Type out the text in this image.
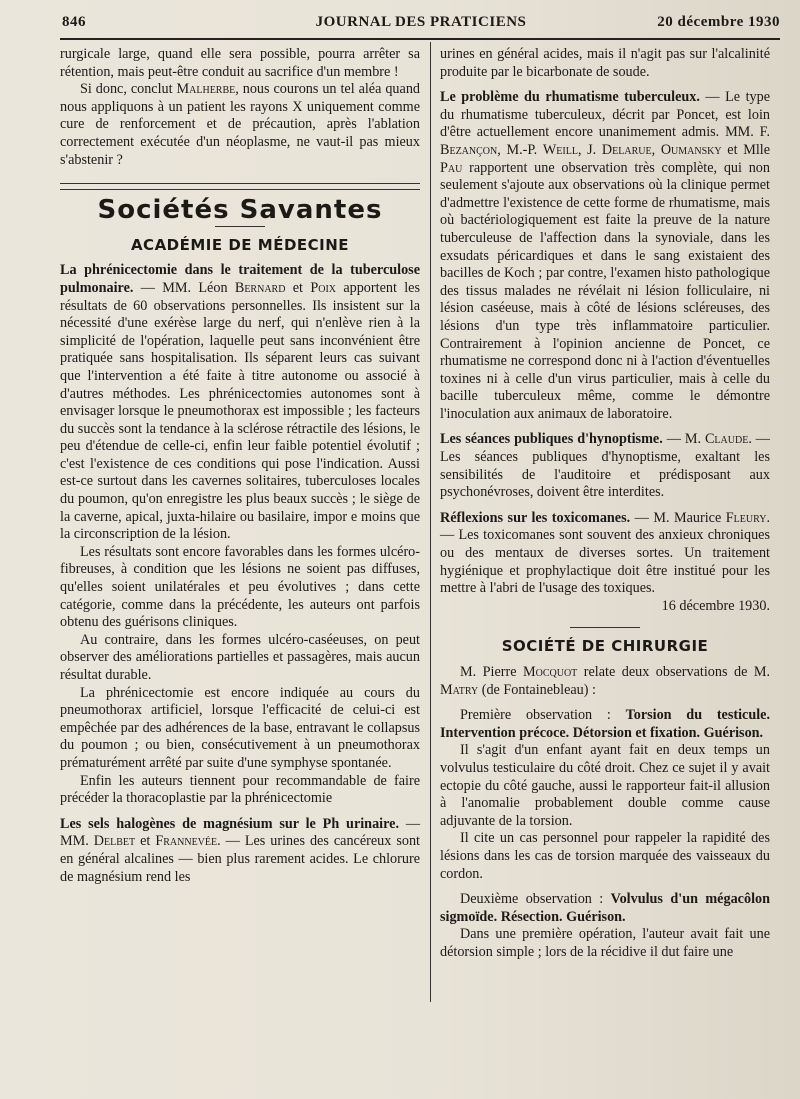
846	JOURNAL DES PRATICIENS	20 décembre 1930

rurgicale large, quand elle sera possible, pourra arrêter sa rétention, mais peut-être conduit au sacrifice d'un membre !

Si donc, conclut Malherbe, nous courons un tel aléa quand nous appliquons à un patient les rayons X uniquement comme cure de renforcement et de précaution, après l'ablation correctement exécutée d'un néoplasme, ne vaut-il pas mieux s'abstenir ?

Sociétés Savantes
ACADÉMIE DE MÉDECINE

La phrénicectomie dans le traitement de la tuberculose pulmonaire. — MM. Léon Bernard et Poix apportent les résultats de 60 observations personnelles. Ils insistent sur la nécessité d'une exérèse large du nerf, qui n'enlève rien à la simplicité de l'opération, laquelle peut sans inconvénient être pratiquée sans hospitalisation. Ils séparent leurs cas suivant que l'intervention a été faite à titre autonome ou associé à d'autres méthodes. Les phrénicectomies autonomes sont à envisager lorsque le pneumothorax est impossible ; les facteurs du succès sont la tendance à la sclérose rétractile des lésions, le peu d'étendue de celle-ci, enfin leur faible potentiel évolutif ; c'est l'existence de ces conditions qui pose l'indication. Aussi est-ce surtout dans les cavernes solitaires, tuberculoses locales du poumon, qu'on enregistre les plus beaux succès ; le siège de la caverne, apical, juxta-hilaire ou basilaire, impor e moins que la circonscription de la lésion.

Les résultats sont encore favorables dans les formes ulcéro-fibreuses, à condition que les lésions ne soient pas diffuses, qu'elles soient unilatérales et peu évolutives ; dans cette catégorie, comme dans la précédente, les auteurs ont parfois obtenu des guérisons cliniques.

Au contraire, dans les formes ulcéro-caséeuses, on peut observer des améliorations partielles et passagères, mais aucun résultat durable.

La phrénicectomie est encore indiquée au cours du pneumothorax artificiel, lorsque l'efficacité de celui-ci est empêchée par des adhérences de la base, entravant le collapsus du poumon ; ou bien, consécutivement à un pneumothorax prématurément arrêté par suite d'une symphyse spontanée.

Enfin les auteurs tiennent pour recommandable de faire précéder la thoracoplastie par la phrénicectomie

Les sels halogènes de magnésium sur le Ph urinaire. — MM. Delbet et Frannevée. — Les urines des cancéreux sont en général alcalines — bien plus rarement acides. Le chlorure de magnésium rend les

urines en général acides, mais il n'agit pas sur l'alcalinité produite par le bicarbonate de soude.

Le problème du rhumatisme tuberculeux. — Le type du rhumatisme tuberculeux, décrit par Poncet, est loin d'être actuellement encore unanimement admis. MM. F. Bezançon, M.-P. Weill, J. Delarue, Oumansky et Mlle Pau rapportent une observation très complète, qui non seulement s'ajoute aux observations où la clinique permet d'admettre l'existence de cette forme de rhumatisme, mais où bactériologiquement est faite la preuve de la nature tuberculeuse de l'affection dans la synoviale, dans les exsudats péricardiques et dans le sang existaient des bacilles de Koch ; par contre, l'examen histo pathologique des tissus malades ne révélait ni lésion folliculaire, ni lésion caséeuse, mais à côté de lésions scléreuses, des lésions d'un type très inflammatoire particulier. Contrairement à l'opinion ancienne de Poncet, ce rhumatisme ne correspond donc ni à l'action d'éventuelles toxines ni à celle d'un virus particulier, mais à celle du bacille tuberculeux même, comme le démontre l'inoculation aux animaux de laboratoire.

Les séances publiques d'hynoptisme. — M. Claude. — Les séances publiques d'hynoptisme, exaltant les sensibilités de l'auditoire et prédisposant aux psychonévroses, doivent être interdites.

Réflexions sur les toxicomanes. — M. Maurice Fleury. — Les toxicomanes sont souvent des anxieux chroniques ou des mentaux de diverses sortes. Un traitement hygiénique et prophylactique doit être institué pour les mettre à l'abri de l'usage des toxiques.

16 décembre 1930.

SOCIÉTÉ DE CHIRURGIE

M. Pierre Mocquot relate deux observations de M. Matry (de Fontainebleau) :

Première observation : Torsion du testicule. Intervention précoce. Détorsion et fixation. Guérison.

Il s'agit d'un enfant ayant fait en deux temps un volvulus testiculaire du côté droit. Chez ce sujet il y avait ectopie du côté gauche, aussi le rapporteur fait-il allusion à l'anomalie probablement double comme cause adjuvante de la torsion.

Il cite un cas personnel pour rappeler la rapidité des lésions dans les cas de torsion marquée des vaisseaux du cordon.

Deuxième observation : Volvulus d'un mégacôlon sigmoïde. Résection. Guérison.

Dans une première opération, l'auteur avait fait une détorsion simple ; lors de la récidive il dut faire une
